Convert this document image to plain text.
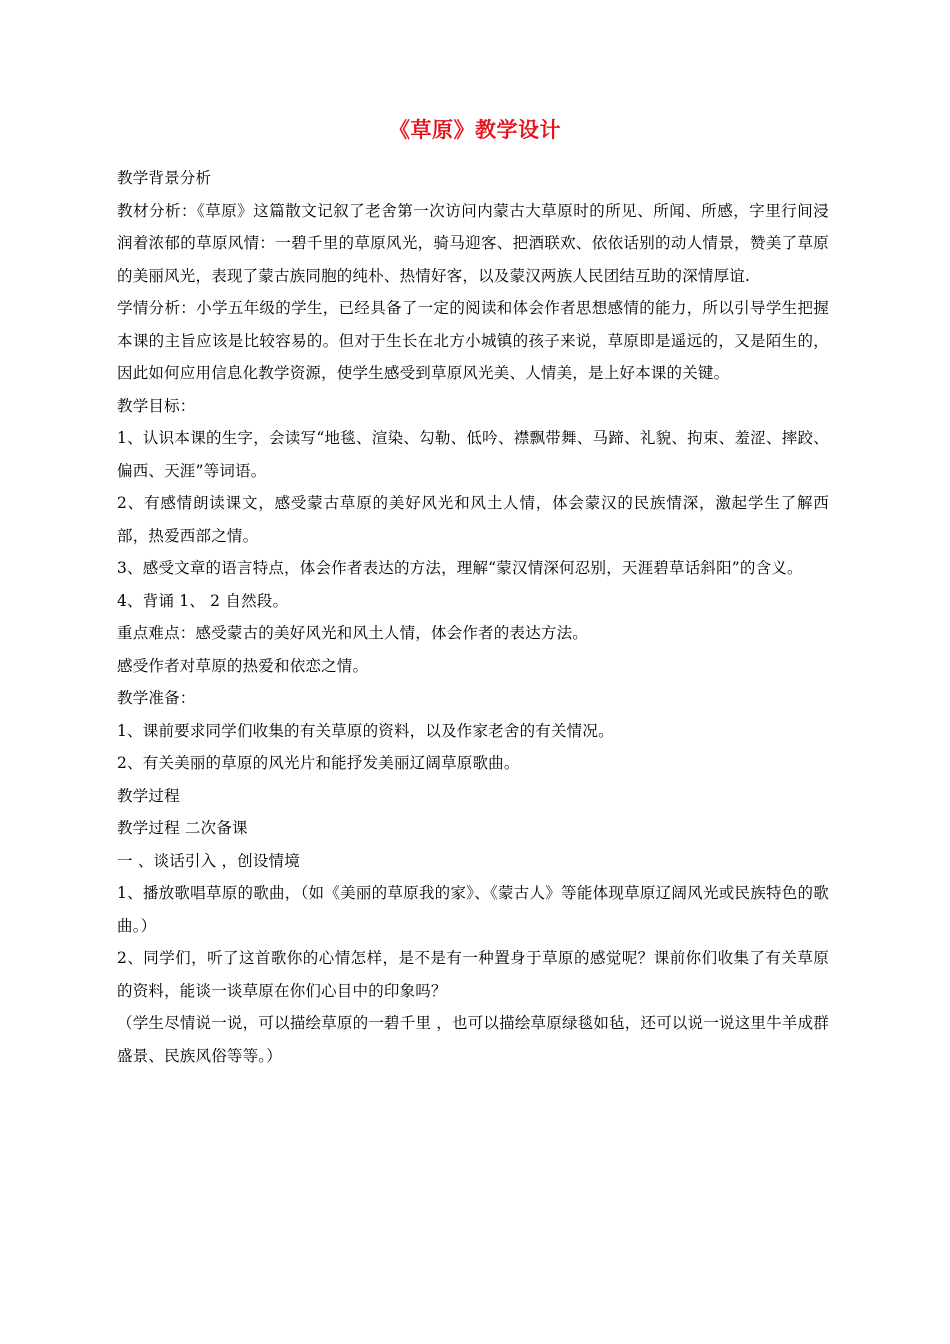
《草原》教学设计

教学背景分析

教材分析：《草原》这篇散文记叙了老舍第一次访问内蒙古大草原时的所见、所闻、所感，字里行间浸润着浓郁的草原风情：一碧千里的草原风光，骑马迎客、把酒联欢、依依话别的动人情景，赞美了草原的美丽风光，表现了蒙古族同胞的纯朴、热情好客，以及蒙汉两族人民团结互助的深情厚谊.

学情分析：小学五年级的学生，已经具备了一定的阅读和体会作者思想感情的能力，所以引导学生把握本课的主旨应该是比较容易的。但对于生长在北方小城镇的孩子来说，草原即是遥远的，又是陌生的，因此如何应用信息化教学资源，使学生感受到草原风光美、人情美，是上好本课的关键。

教学目标：

1、认识本课的生字，会读写“地毯、渲染、勾勒、低吟、襟飘带舞、马蹄、礼貌、拘束、羞涩、摔跤、偏西、天涯”等词语。

2、有感情朗读课文，感受蒙古草原的美好风光和风土人情，体会蒙汉的民族情深，激起学生了解西部，热爱西部之情。

3、感受文章的语言特点，体会作者表达的方法，理解“蒙汉情深何忍别，天涯碧草话斜阳”的含义。

4、背诵 1、 2 自然段。

重点难点：感受蒙古的美好风光和风土人情，体会作者的表达方法。

感受作者对草原的热爱和依恋之情。

教学准备：

1、课前要求同学们收集的有关草原的资料，以及作家老舍的有关情况。

2、有关美丽的草原的风光片和能抒发美丽辽阔草原歌曲。

教学过程

教学过程 二次备课

一 、谈话引入 ，创设情境

1、播放歌唱草原的歌曲，（如《美丽的草原我的家》、《蒙古人》等能体现草原辽阔风光或民族特色的歌曲。）

2、同学们，听了这首歌你的心情怎样，是不是有一种置身于草原的感觉呢？课前你们收集了有关草原的资料，能谈一谈草原在你们心目中的印象吗？

（学生尽情说一说，可以描绘草原的一碧千里 ，也可以描绘草原绿毯如毡，还可以说一说这里牛羊成群盛景、民族风俗等等。）
